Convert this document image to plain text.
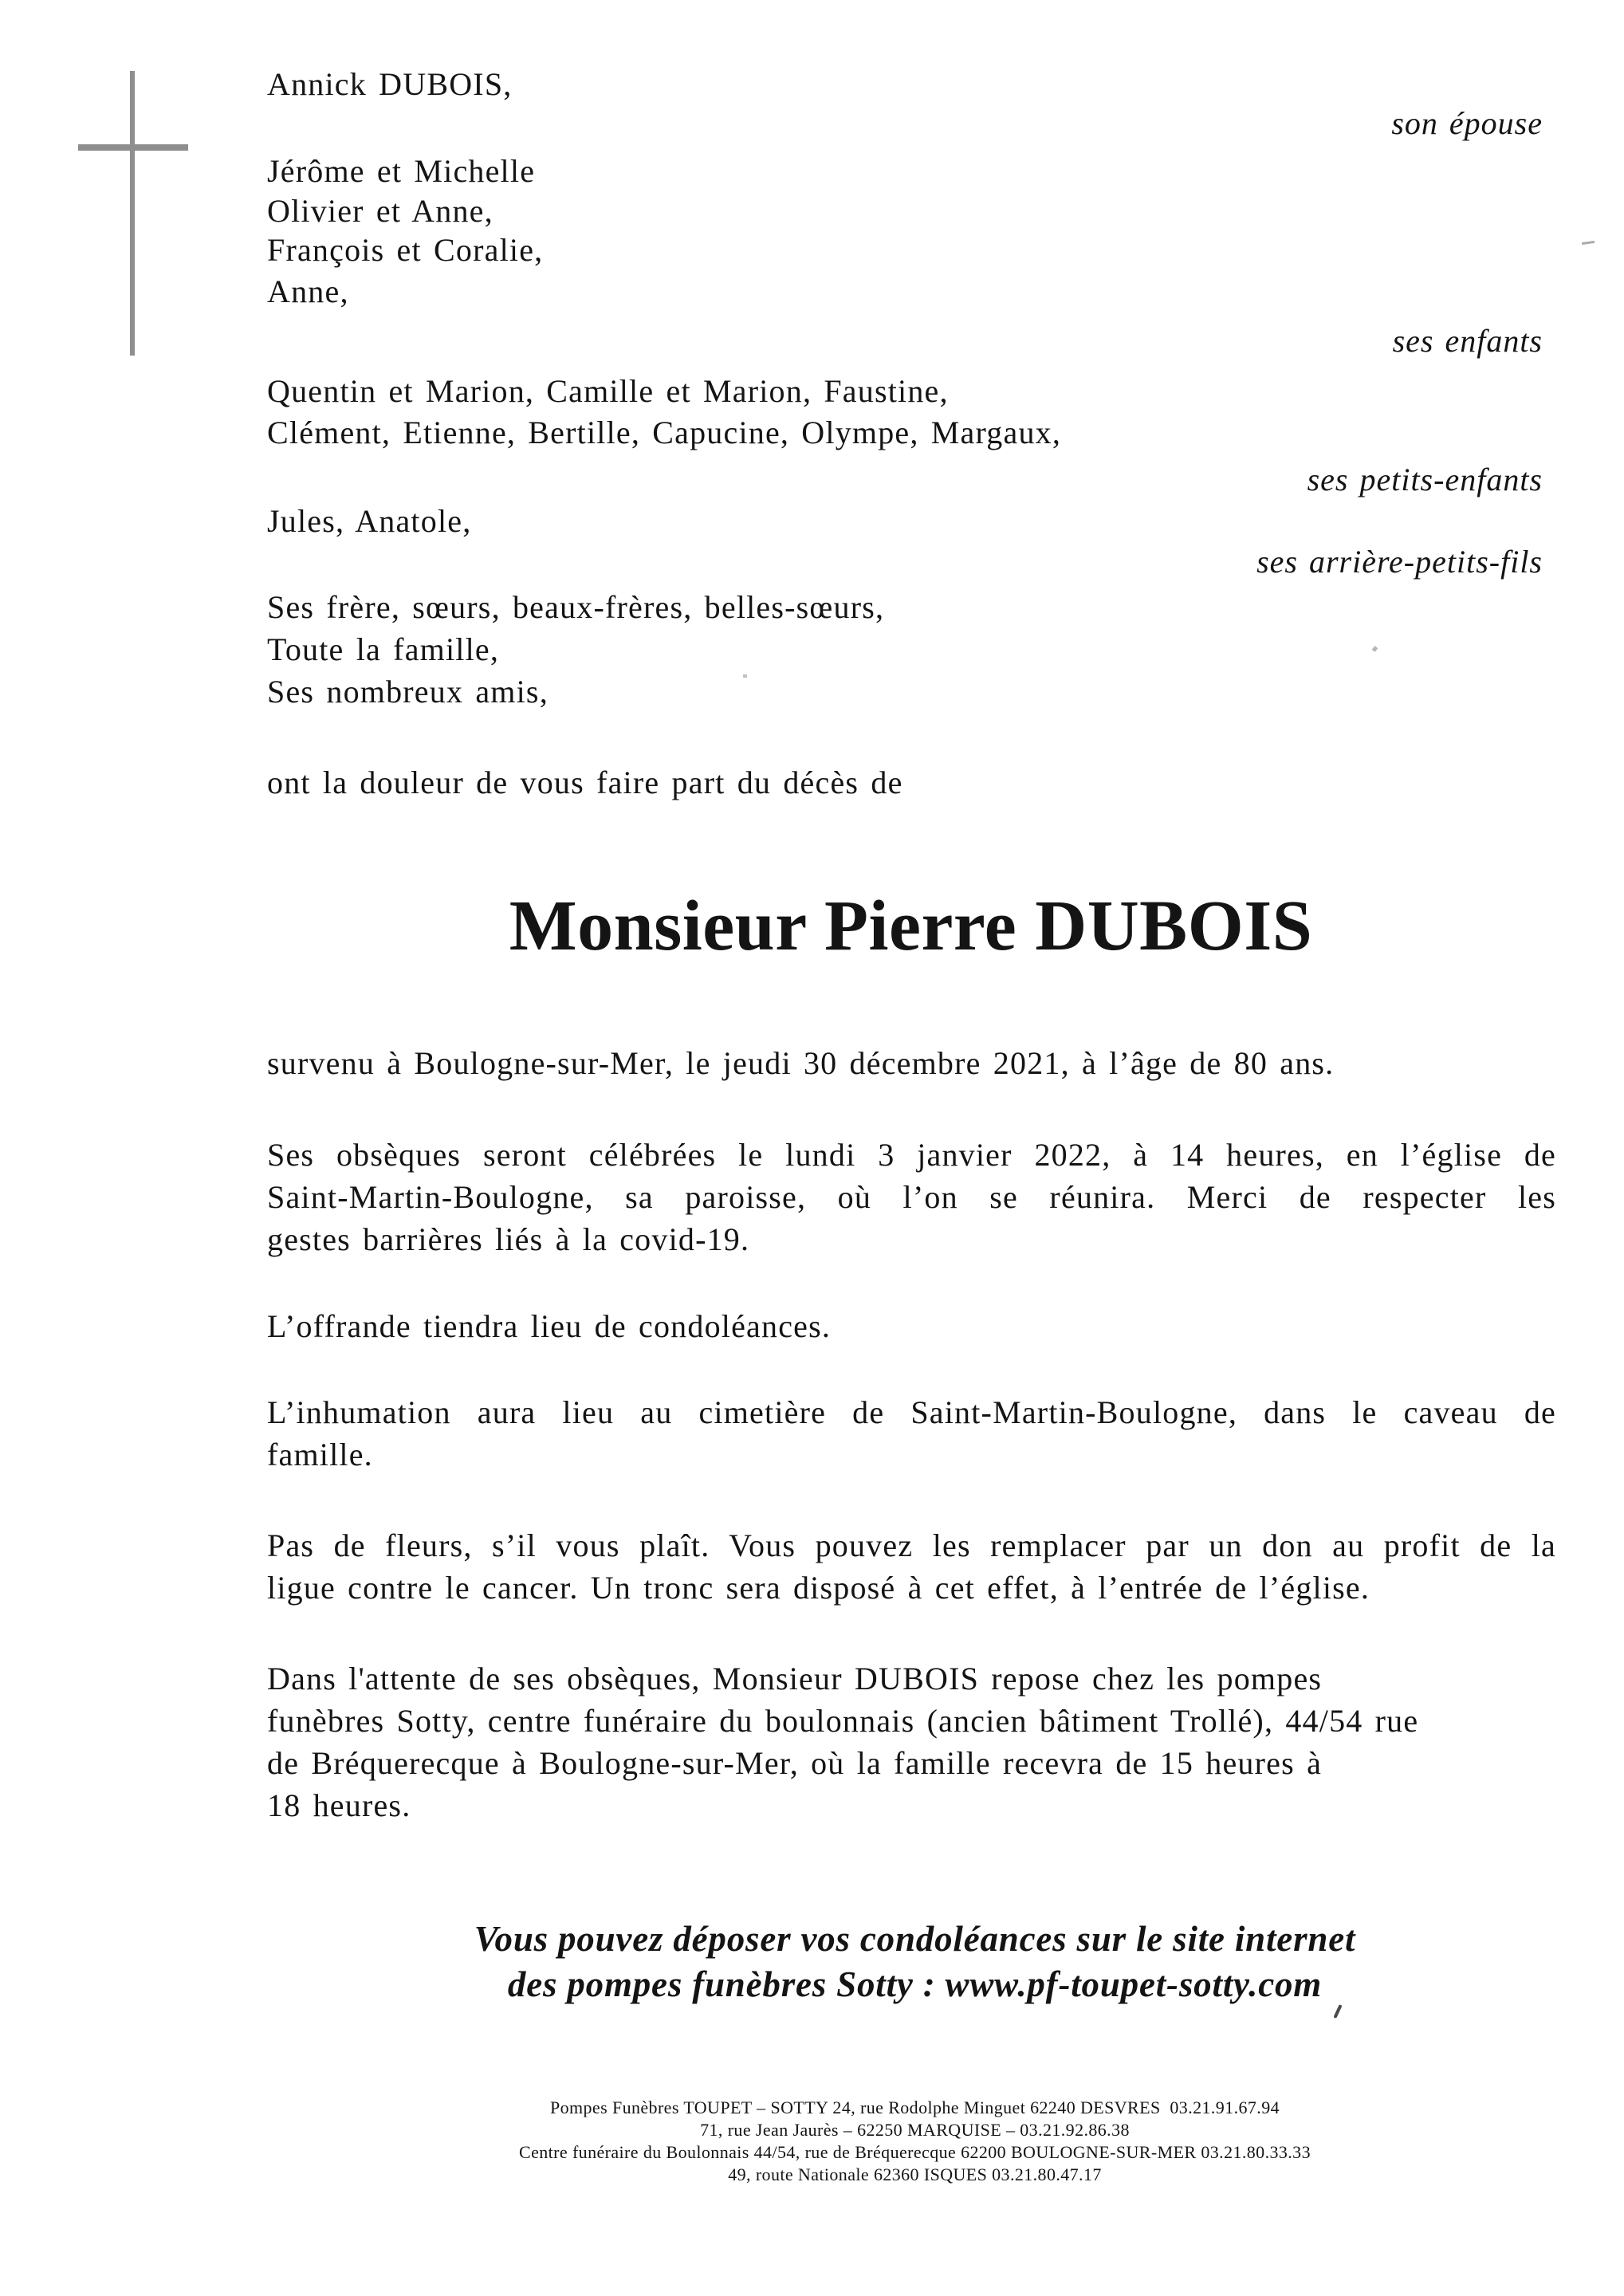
Annick DUBOIS,
son épouse
Jérôme et Michelle
Olivier et Anne,
François et Coralie,
Anne,
ses enfants
Quentin et Marion, Camille et Marion, Faustine,
Clément, Etienne, Bertille, Capucine, Olympe, Margaux,
ses petits-enfants
Jules, Anatole,
ses arrière-petits-fils
Ses frère, sœurs, beaux-frères, belles-sœurs,
Toute la famille,
Ses nombreux amis,
ont la douleur de vous faire part du décès de
Monsieur Pierre DUBOIS
survenu à Boulogne-sur-Mer, le jeudi 30 décembre 2021, à l’âge de 80 ans.
Ses obsèques seront célébrées le lundi 3 janvier 2022, à 14 heures, en l’église de
Saint-Martin-Boulogne, sa paroisse, où l’on se réunira. Merci de respecter les
gestes barrières liés à la covid-19.
L’offrande tiendra lieu de condoléances.
L’inhumation aura lieu au cimetière de Saint-Martin-Boulogne, dans le caveau de
famille.
Pas de fleurs, s’il vous plaît. Vous pouvez les remplacer par un don au profit de la
ligue contre le cancer. Un tronc sera disposé à cet effet, à l’entrée de l’église.
Dans l'attente de ses obsèques, Monsieur DUBOIS repose chez les pompes
funèbres Sotty, centre funéraire du boulonnais (ancien bâtiment Trollé), 44/54 rue
de Bréquerecque à Boulogne-sur-Mer, où la famille recevra de 15 heures à
18 heures.
Vous pouvez déposer vos condoléances sur le site internet
des pompes funèbres Sotty : www.pf-toupet-sotty.com
Pompes Funèbres TOUPET – SOTTY 24, rue Rodolphe Minguet 62240 DESVRES  03.21.91.67.94
71, rue Jean Jaurès – 62250 MARQUISE – 03.21.92.86.38
Centre funéraire du Boulonnais 44/54, rue de Bréquerecque 62200 BOULOGNE-SUR-MER 03.21.80.33.33
49, route Nationale 62360 ISQUES 03.21.80.47.17
